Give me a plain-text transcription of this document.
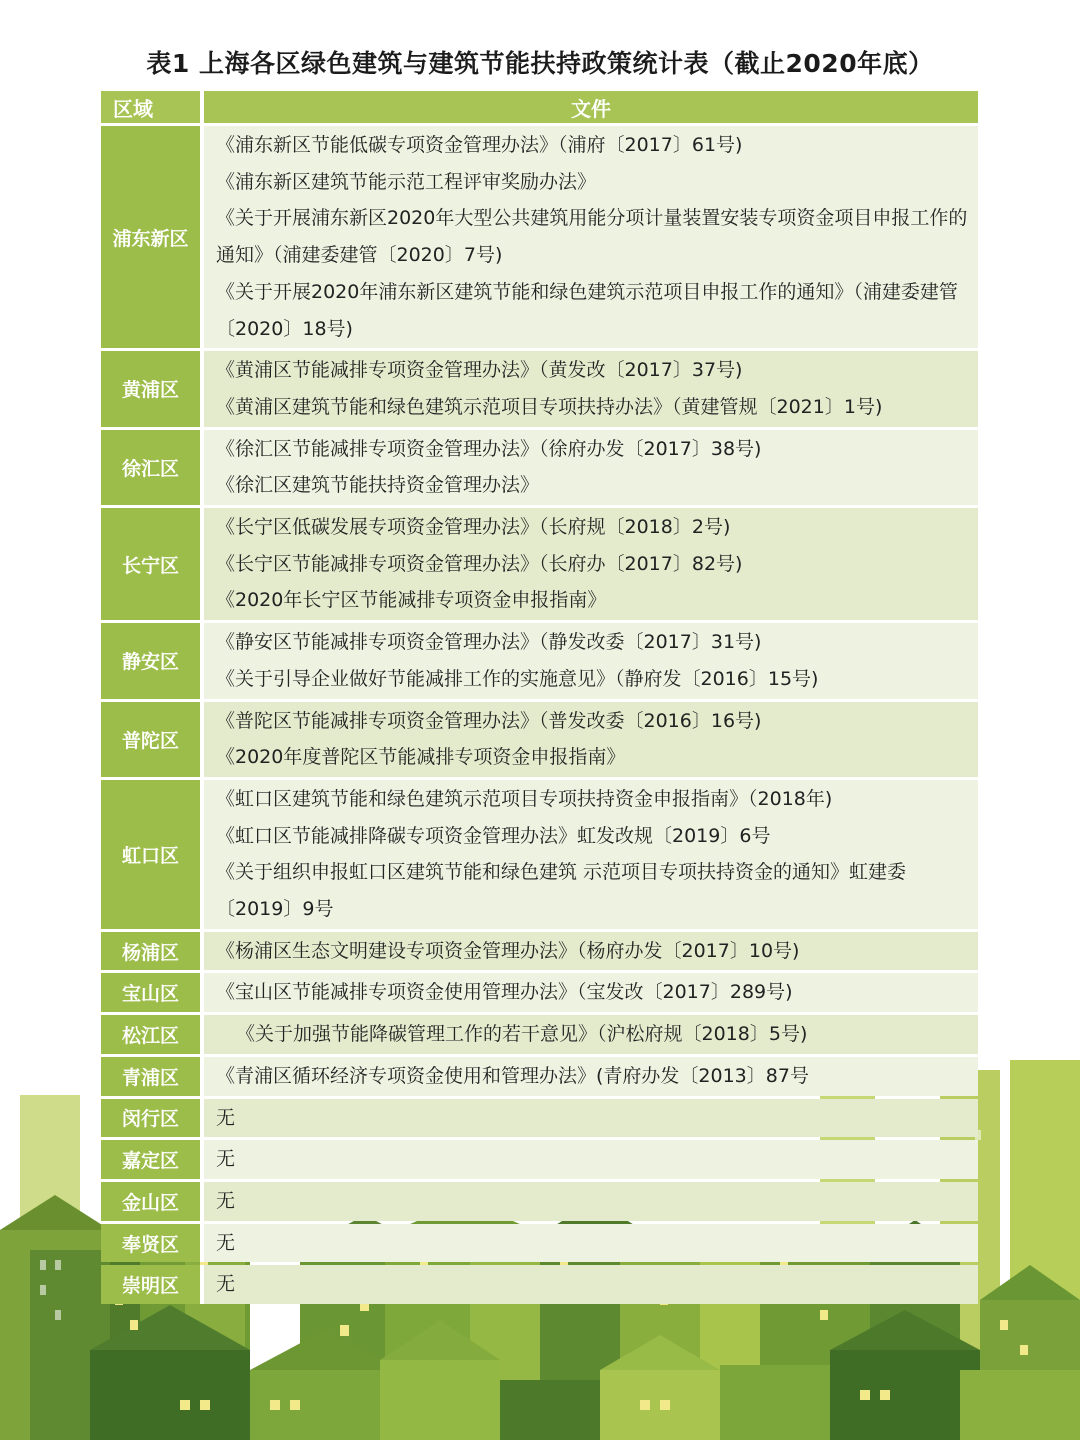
表1 上海各区绿色建筑与建筑节能扶持政策统计表（截止2020年底）
区域	文件
浦东新区	《浦东新区节能低碳专项资金管理办法》（浦府〔2017〕61号)
《浦东新区建筑节能示范工程评审奖励办法》
《关于开展浦东新区2020年大型公共建筑用能分项计量装置安装专项资金项目申报工作的通知》（浦建委建管〔2020〕7号)
《关于开展2020年浦东新区建筑节能和绿色建筑示范项目申报工作的通知》（浦建委建管〔2020〕18号)

黄浦区	《黄浦区节能减排专项资金管理办法》（黄发改〔2017〕37号)
《黄浦区建筑节能和绿色建筑示范项目专项扶持办法》（黄建管规〔2021〕1号)

徐汇区	《徐汇区节能减排专项资金管理办法》（徐府办发〔2017〕38号)
《徐汇区建筑节能扶持资金管理办法》

长宁区	《长宁区低碳发展专项资金管理办法》（长府规〔2018〕2号)
《长宁区节能减排专项资金管理办法》（长府办〔2017〕82号)
《2020年长宁区节能减排专项资金申报指南》

静安区	《静安区节能减排专项资金管理办法》（静发改委〔2017〕31号)
《关于引导企业做好节能减排工作的实施意见》（静府发〔2016〕15号)

普陀区	《普陀区节能减排专项资金管理办法》（普发改委〔2016〕16号)
《2020年度普陀区节能减排专项资金申报指南》

虹口区	《虹口区建筑节能和绿色建筑示范项目专项扶持资金申报指南》（2018年)
《虹口区节能减排降碳专项资金管理办法》虹发改规〔2019〕6号
《关于组织申报虹口区建筑节能和绿色建筑 示范项目专项扶持资金的通知》虹建委〔2019〕9号

杨浦区	《杨浦区生态文明建设专项资金管理办法》（杨府办发〔2017〕10号)

宝山区	《宝山区节能减排专项资金使用管理办法》（宝发改〔2017〕289号)

松江区	《关于加强节能降碳管理工作的若干意见》（沪松府规〔2018〕5号)

青浦区	《青浦区循环经济专项资金使用和管理办法》(青府办发〔2013〕87号

闵行区	无

嘉定区	无

金山区	无

奉贤区	无

崇明区	无
